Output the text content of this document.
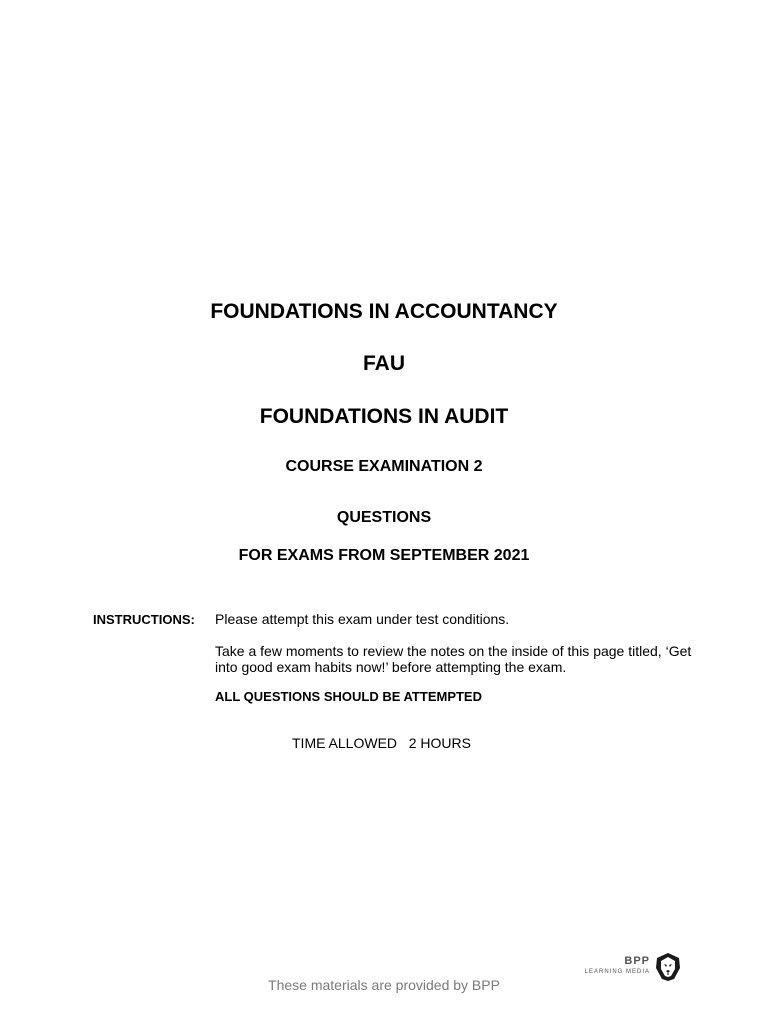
FOUNDATIONS IN ACCOUNTANCY
FAU
FOUNDATIONS IN AUDIT
COURSE EXAMINATION 2
QUESTIONS
FOR EXAMS FROM SEPTEMBER 2021
INSTRUCTIONS: Please attempt this exam under test conditions.
Take a few moments to review the notes on the inside of this page titled, ‘Get into good exam habits now!’ before attempting the exam.
ALL QUESTIONS SHOULD BE ATTEMPTED
TIME ALLOWED   2 HOURS
BPP
LEARNING MEDIA
These materials are provided by BPP
